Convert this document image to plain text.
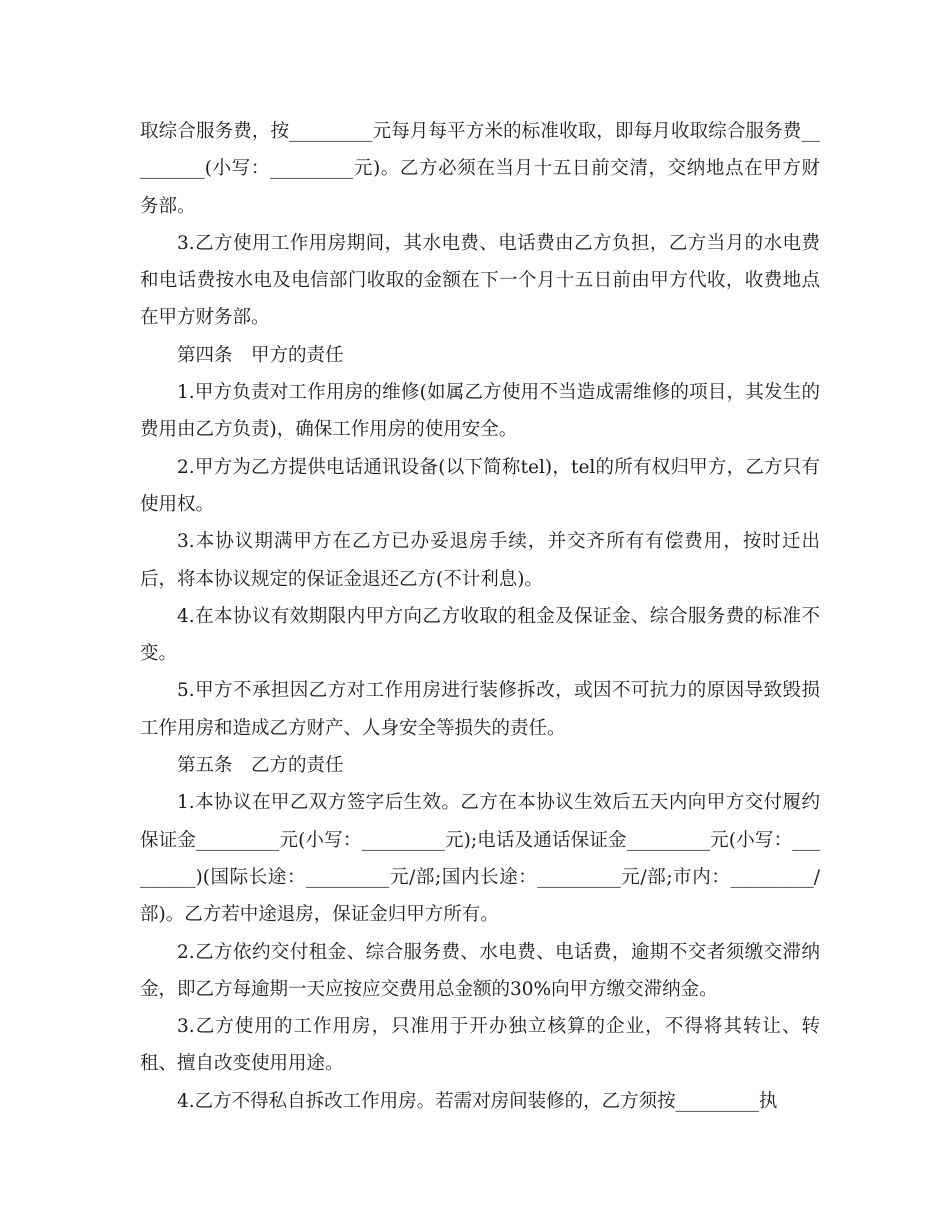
取综合服务费，按_________元每月每平方米的标准收取，即每月收取综合服务费_________(小写：_________元)。乙方必须在当月十五日前交清，交纳地点在甲方财务部。

3.乙方使用工作用房期间，其水电费、电话费由乙方负担，乙方当月的水电费和电话费按水电及电信部门收取的金额在下一个月十五日前由甲方代收，收费地点在甲方财务部。

第四条　甲方的责任

1.甲方负责对工作用房的维修(如属乙方使用不当造成需维修的项目，其发生的费用由乙方负责)，确保工作用房的使用安全。

2.甲方为乙方提供电话通讯设备(以下简称tel)，tel的所有权归甲方，乙方只有使用权。

3.本协议期满甲方在乙方已办妥退房手续，并交齐所有有偿费用，按时迁出后，将本协议规定的保证金退还乙方(不计利息)。

4.在本协议有效期限内甲方向乙方收取的租金及保证金、综合服务费的标准不变。

5.甲方不承担因乙方对工作用房进行装修拆改，或因不可抗力的原因导致毁损工作用房和造成乙方财产、人身安全等损失的责任。

第五条　乙方的责任

1.本协议在甲乙双方签字后生效。乙方在本协议生效后五天内向甲方交付履约保证金_________元(小写：_________元);电话及通话保证金_________元(小写：_________)(国际长途：_________元/部;国内长途：_________元/部;市内：_________/部)。乙方若中途退房，保证金归甲方所有。

2.乙方依约交付租金、综合服务费、水电费、电话费，逾期不交者须缴交滞纳金，即乙方每逾期一天应按应交费用总金额的30%向甲方缴交滞纳金。

3.乙方使用的工作用房，只准用于开办独立核算的企业，不得将其转让、转租、擅自改变使用用途。

4.乙方不得私自拆改工作用房。若需对房间装修的，乙方须按_________执
